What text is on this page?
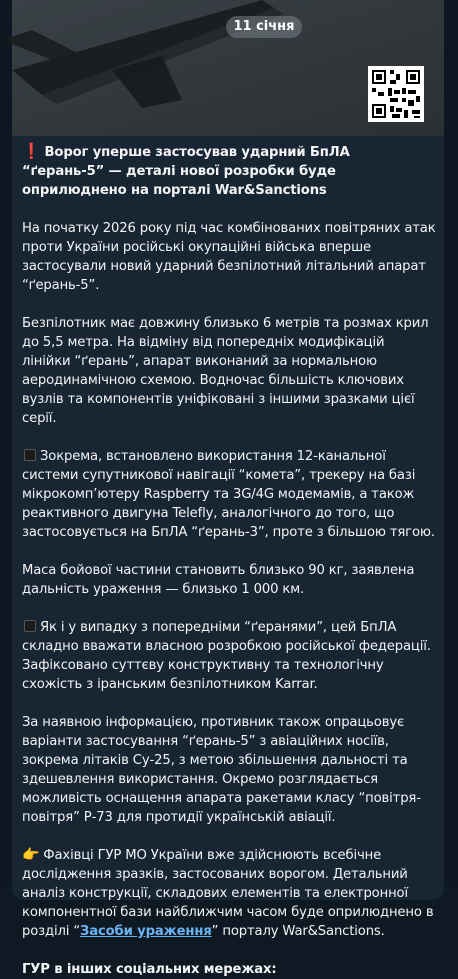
11 січня

❗ Ворог уперше застосував ударний БпЛА “ґерань-5” — деталі нової розробки буде оприлюднено на порталі War&Sanctions

На початку 2026 року під час комбінованих повітряних атак проти України російські окупаційні війська вперше застосували новий ударний безпілотний літальний апарат “ґерань-5”.

Безпілотник має довжину близько 6 метрів та розмах крил до 5,5 метра. На відміну від попередніх модифікацій лінійки “ґерань”, апарат виконаний за нормальною аеродинамічною схемою. Водночас більшість ключових вузлів та компонентів уніфіковані з іншими зразками цієї серії.

Зокрема, встановлено використання 12-канальної системи супутникової навігації “комета”, трекеру на базі мікрокомп’ютеру Raspberry та 3G/4G модемамів, а також реактивного двигуна Telefly, аналогічного до того, що застосовується на БпЛА “ґерань-3”, проте з більшою тягою.

Маса бойової частини становить близько 90 кг, заявлена дальність ураження — близько 1 000 км.

Як і у випадку з попередніми “ґеранями”, цей БпЛА складно вважати власною розробкою російської федерації. Зафіксовано суттєву конструктивну та технологічну схожість з іранським безпілотником Karrar.

За наявною інформацією, противник також опрацьовує варіанти застосування “ґерань-5” з авіаційних носіїв, зокрема літаків Су-25, з метою збільшення дальності та здешевлення використання. Окремо розглядається можливість оснащення апарата ракетами класу “повітря-повітря” Р-73 для протидії українській авіації.

👉 Фахівці ГУР МО України вже здійснюють всебічне дослідження зразків, застосованих ворогом. Детальний аналіз конструкції, складових елементів та електронної компонентної бази найближчим часом буде оприлюднено в розділі “Засоби ураження” порталу War&Sanctions.

ГУР в інших соціальних мережах:
